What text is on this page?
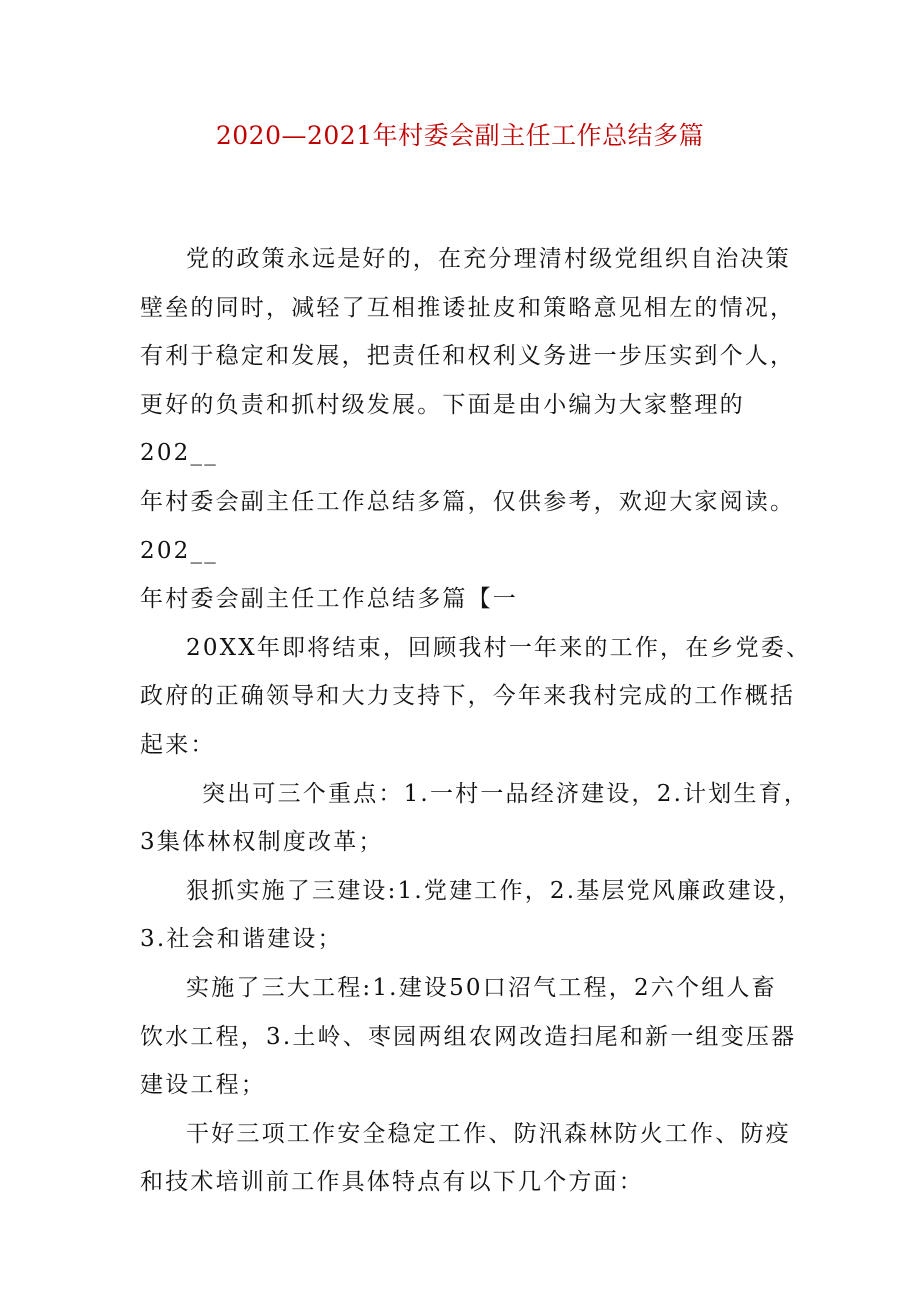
2020—2021年村委会副主任工作总结多篇

党的政策永远是好的，在充分理清村级党组织自治决策

壁垒的同时，减轻了互相推诿扯皮和策略意见相左的情况，

有利于稳定和发展，把责任和权利义务进一步压实到个人，

更好的负责和抓村级发展。下面是由小编为大家整理的

202__

年村委会副主任工作总结多篇，仅供参考，欢迎大家阅读。

202__

年村委会副主任工作总结多篇【一

20XX年即将结束，回顾我村一年来的工作，在乡党委、

政府的正确领导和大力支持下，今年来我村完成的工作概括

起来：

突出可三个重点：1.一村一品经济建设，2.计划生育，

3集体林权制度改革；

狠抓实施了三建设:1.党建工作，2.基层党风廉政建设，

3.社会和谐建设；

实施了三大工程:1.建设50口沼气工程，2六个组人畜

饮水工程，3.土岭、枣园两组农网改造扫尾和新一组变压器

建设工程；

干好三项工作安全稳定工作、防汛森林防火工作、防疫

和技术培训前工作具体特点有以下几个方面：
